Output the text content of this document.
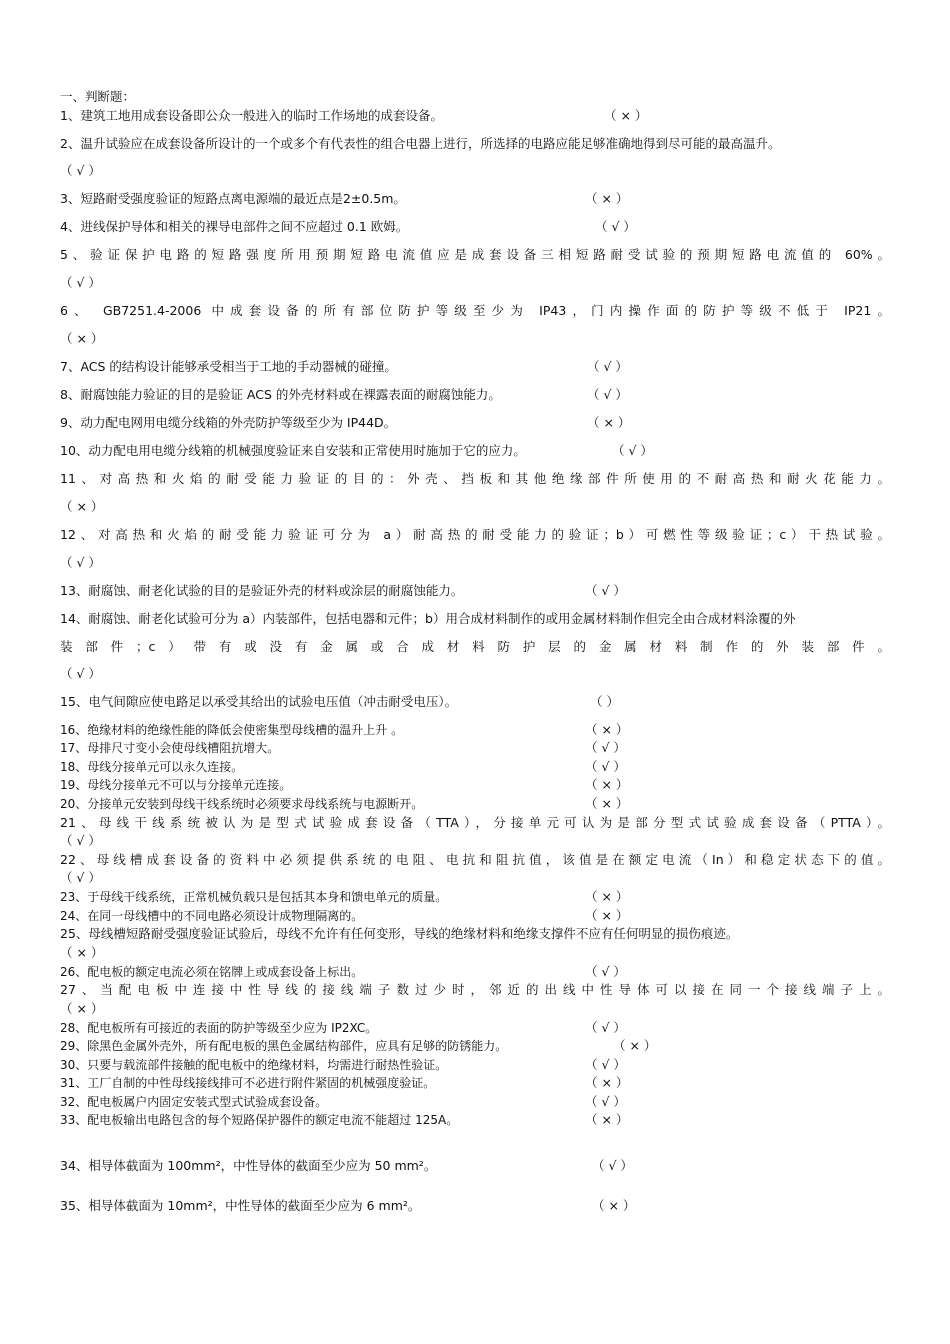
一、判断题：
1、建筑工地用成套设备即公众一般进入的临时工作场地的成套设备。	（ × ）
2、温升试验应在成套设备所设计的一个或多个有代表性的组合电器上进行，所选择的电路应能足够准确地得到尽可能的最高温升。
（ √ ）
3、短路耐受强度验证的短路点离电源端的最近点是2±0.5m。	（ × ）
4、进线保护导体和相关的裸导电部件之间不应超过 0.1 欧姆。	（ √ ）
5、验证保护电路的短路强度所用预期短路电流值应是成套设备三相短路耐受试验的预期短路电流值的 60%。
（ √ ）
6、 GB7251.4-2006 中成套设备的所有部位防护等级至少为 IP43，门内操作面的防护等级不低于 IP21。
（ × ）
7、ACS 的结构设计能够承受相当于工地的手动器械的碰撞。	（ √ ）
8、耐腐蚀能力验证的目的是验证 ACS 的外壳材料或在裸露表面的耐腐蚀能力。	（ √ ）
9、动力配电网用电缆分线箱的外壳防护等级至少为 IP44D。	（ × ）
10、动力配电用电缆分线箱的机械强度验证来自安装和正常使用时施加于它的应力。	（ √ ）
11、对高热和火焰的耐受能力验证的目的：外壳、挡板和其他绝缘部件所使用的不耐高热和耐火花能力。
（ × ）
12、对高热和火焰的耐受能力验证可分为 a）耐高热的耐受能力的验证；b）可燃性等级验证；c）干热试验。
（ √ ）
13、耐腐蚀、耐老化试验的目的是验证外壳的材料或涂层的耐腐蚀能力。	（ √ ）
14、耐腐蚀、耐老化试验可分为 a）内装部件，包括电器和元件；b）用合成材料制作的或用金属材料制作但完全由合成材料涂覆的外
装部件；c）带有或没有金属或合成材料防护层的金属材料制作的外装部件。
（ √ ）
15、电气间隙应使电路足以承受其给出的试验电压值（冲击耐受电压）。	（ ）
16、绝缘材料的绝缘性能的降低会使密集型母线槽的温升上升 。	（ × ）
17、母排尺寸变小会使母线槽阻抗增大。	（ √ ）
18、母线分接单元可以永久连接。	（ √ ）
19、母线分接单元不可以与分接单元连接。	（ × ）
20、分接单元安装到母线干线系统时必须要求母线系统与电源断开。	（ × ）
21、母线干线系统被认为是型式试验成套设备（TTA），分接单元可认为是部分型式试验成套设备（PTTA）。
（ √ ）
22、母线槽成套设备的资料中必须提供系统的电阻、电抗和阻抗值，该值是在额定电流（In）和稳定状态下的值。
（ √ ）
23、于母线干线系统，正常机械负载只是包括其本身和馈电单元的质量。	（ × ）
24、在同一母线槽中的不同电路必须设计成物理隔离的。	（ × ）
25、母线槽短路耐受强度验证试验后，母线不允许有任何变形，导线的绝缘材料和绝缘支撑件不应有任何明显的损伤痕迹。
（ × ）
26、配电板的额定电流必须在铭牌上或成套设备上标出。	（ √ ）
27、当配电板中连接中性导线的接线端子数过少时，邻近的出线中性导体可以接在同一个接线端子上。
（ × ）
28、配电板所有可接近的表面的防护等级至少应为 IP2XC。	（ √ ）
29、除黑色金属外壳外，所有配电板的黑色金属结构部件，应具有足够的防锈能力。	（ × ）
30、只要与载流部件接触的配电板中的绝缘材料，均需进行耐热性验证。	（ √ ）
31、工厂自制的中性母线接线排可不必进行附件紧固的机械强度验证。	（ × ）
32、配电板属户内固定安装式型式试验成套设备。	（ √ ）
33、配电板输出电路包含的每个短路保护器件的额定电流不能超过 125A。	（ × ）
34、相导体截面为 100mm²，中性导体的截面至少应为 50 mm²。	（ √ ）
35、相导体截面为 10mm²，中性导体的截面至少应为 6 mm²。	（ × ）
